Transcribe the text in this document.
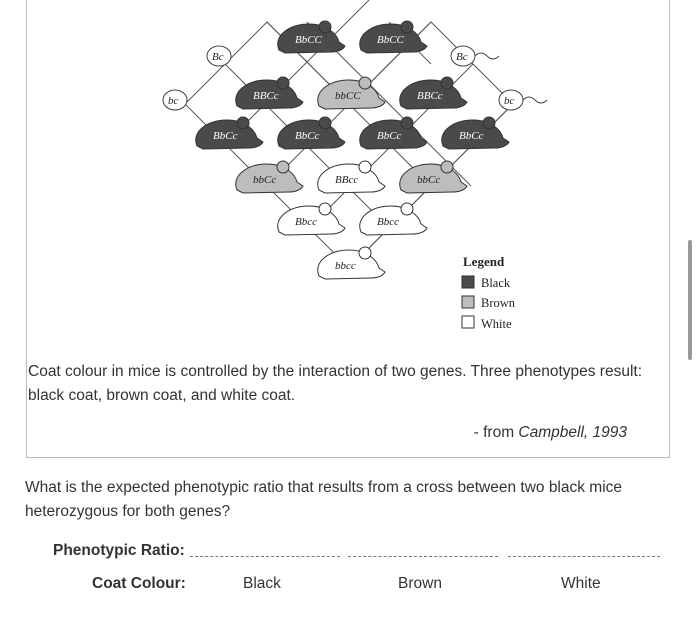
BBCc	bbCC	BBCc
BbCc	BbCc	BbCc	BbCc
bbCc	BBcc	bbCc
Bbcc	Bbcc
bbcc
BbCC	BbCC
Bc	Bc
bc	bc
Legend
Black
Brown
White
Coat colour in mice is controlled by the interaction of two genes. Three phenotypes result: black coat, brown coat, and white coat.
- from Campbell, 1993
What is the expected phenotypic ratio that results from a cross between two black mice heterozygous for both genes?
Phenotypic Ratio:
Coat Colour:	Black	Brown	White
